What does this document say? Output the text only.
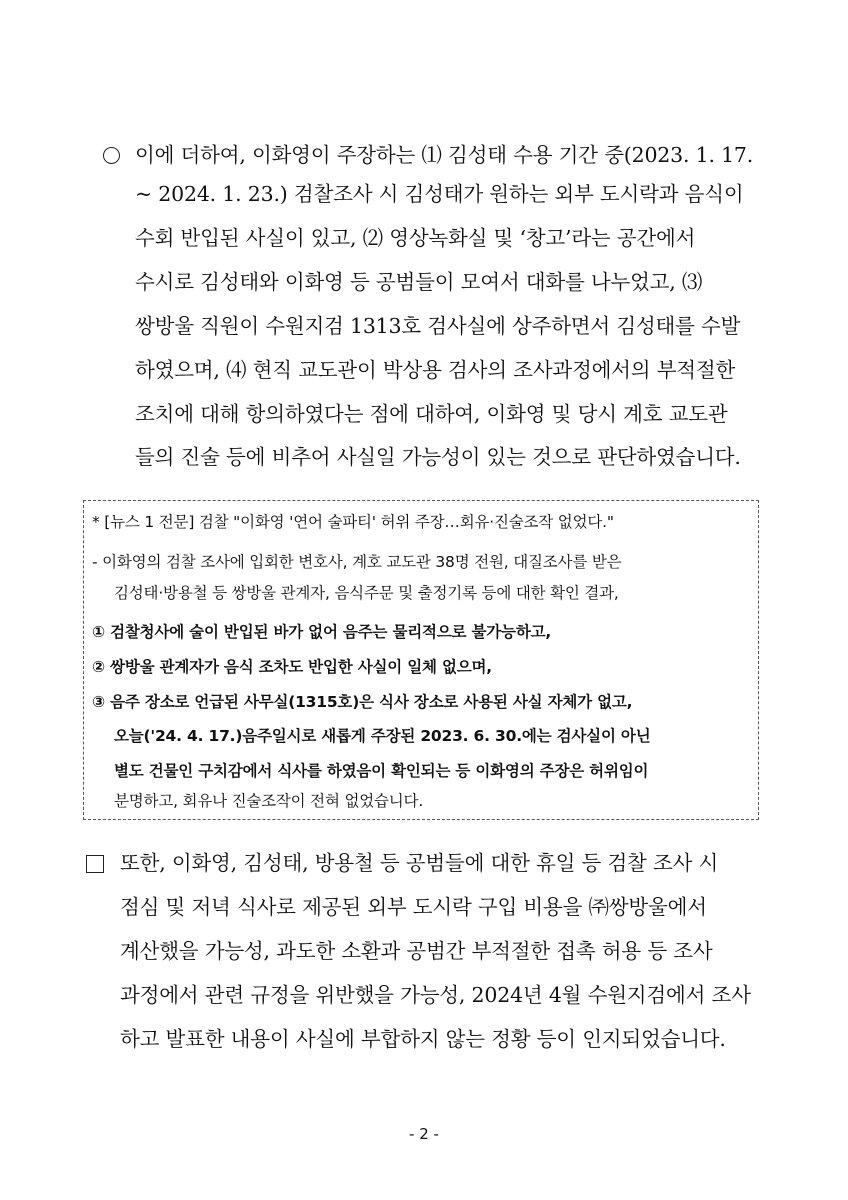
이에 더하여, 이화영이 주장하는 ⑴ 김성태 수용 기간 중(2023. 1. 17.
~ 2024. 1. 23.) 검찰조사 시 김성태가 원하는 외부 도시락과 음식이
수회 반입된 사실이 있고, ⑵ 영상녹화실 및 ‘창고’라는 공간에서
수시로 김성태와 이화영 등 공범들이 모여서 대화를 나누었고, ⑶
쌍방울 직원이 수원지검 1313호 검사실에 상주하면서 김성태를 수발
하였으며, ⑷ 현직 교도관이 박상용 검사의 조사과정에서의 부적절한
조치에 대해 항의하였다는 점에 대하여, 이화영 및 당시 계호 교도관
들의 진술 등에 비추어 사실일 가능성이 있는 것으로 판단하였습니다.
* [뉴스 1 전문] 검찰 "이화영 '연어 술파티' 허위 주장…회유·진술조작 없었다."
- 이화영의 검찰 조사에 입회한 변호사, 계호 교도관 38명 전원, 대질조사를 받은
김성태·방용철 등 쌍방울 관계자, 음식주문 및 출정기록 등에 대한 확인 결과,
① 검찰청사에 술이 반입된 바가 없어 음주는 물리적으로 불가능하고,
② 쌍방울 관계자가 음식 조차도 반입한 사실이 일체 없으며,
③ 음주 장소로 언급된 사무실(1315호)은 식사 장소로 사용된 사실 자체가 없고,
오늘('24. 4. 17.)음주일시로 새롭게 주장된 2023. 6. 30.에는 검사실이 아닌
별도 건물인 구치감에서 식사를 하였음이 확인되는 등 이화영의 주장은 허위임이
분명하고, 회유나 진술조작이 전혀 없었습니다.
또한, 이화영, 김성태, 방용철 등 공범들에 대한 휴일 등 검찰 조사 시
점심 및 저녁 식사로 제공된 외부 도시락 구입 비용을 ㈜쌍방울에서
계산했을 가능성, 과도한 소환과 공범간 부적절한 접촉 허용 등 조사
과정에서 관련 규정을 위반했을 가능성, 2024년 4월 수원지검에서 조사
하고 발표한 내용이 사실에 부합하지 않는 정황 등이 인지되었습니다.
- 2 -
